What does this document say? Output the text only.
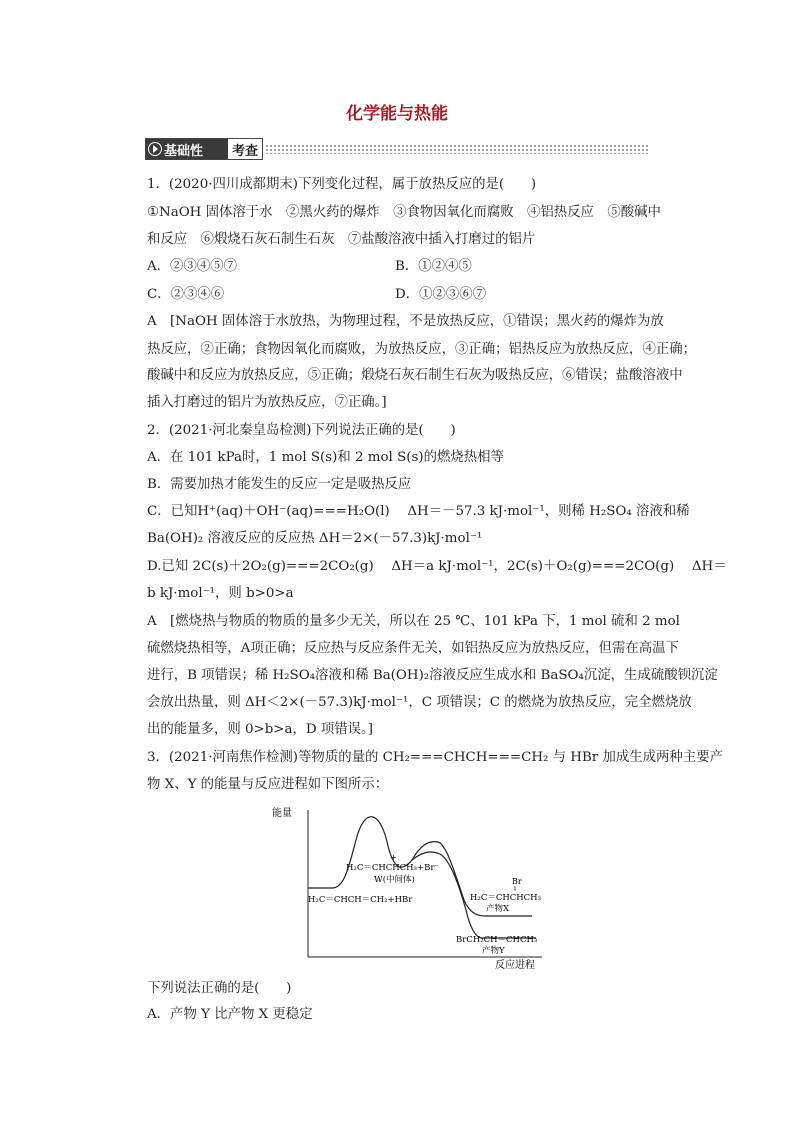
化学能与热能
基础性	考查
1．(2020·四川成都期末)下列变化过程，属于放热反应的是(　　)
①NaOH 固体溶于水　②黑火药的爆炸　③食物因氧化而腐败　④铝热反应　⑤酸碱中
和反应　⑥煅烧石灰石制生石灰　⑦盐酸溶液中插入打磨过的铝片
A．②③④⑤⑦	B．①②④⑤
C．②③④⑥	D．①②③⑥⑦
A　[NaOH 固体溶于水放热，为物理过程，不是放热反应，①错误；黑火药的爆炸为放
热反应，②正确；食物因氧化而腐败，为放热反应，③正确；铝热反应为放热反应，④正确；
酸碱中和反应为放热反应，⑤正确；煅烧石灰石制生石灰为吸热反应，⑥错误；盐酸溶液中
插入打磨过的铝片为放热反应，⑦正确。]
2．(2021·河北秦皇岛检测)下列说法正确的是(　　)
A．在 101 kPa时，1 mol S(s)和 2 mol S(s)的燃烧热相等
B．需要加热才能发生的反应一定是吸热反应
C．已知H⁺(aq)＋OH⁻(aq)===H₂O(l)　 ΔH＝－57.3 kJ·mol⁻¹，则稀 H₂SO₄ 溶液和稀
Ba(OH)₂ 溶液反应的反应热 ΔH＝2×(－57.3)kJ·mol⁻¹
D.已知 2C(s)＋2O₂(g)===2CO₂(g)　 ΔH＝a kJ·mol⁻¹，2C(s)＋O₂(g)===2CO(g)　 ΔH＝
b kJ·mol⁻¹，则 b>0>a
A　[燃烧热与物质的物质的量多少无关，所以在 25 ℃、101 kPa 下，1 mol 硫和 2 mol
硫燃烧热相等，A项正确；反应热与反应条件无关，如铝热反应为放热反应，但需在高温下
进行，B 项错误；稀 H₂SO₄溶液和稀 Ba(OH)₂溶液反应生成水和 BaSO₄沉淀，生成硫酸钡沉淀
会放出热量，则 ΔH＜2×(－57.3)kJ·mol⁻¹，C 项错误；C 的燃烧为放热反应，完全燃烧放
出的能量多，则 0>b>a，D 项错误。]
3．(2021·河南焦作检测)等物质的量的 CH₂===CHCH===CH₂ 与 HBr 加成生成两种主要产
物 X、Y 的能量与反应进程如下图所示：
能量
反应进程
H₂C＝CHCH＝CH₂+HBr
+
H₂C＝CHCHCH₃+Br⁻
W(中间体)	Br
H₂C＝CHCHCH₃
产物X
BrCH₂CH＝CHCH₃
产物Y
下列说法正确的是(　　)
A．产物 Y 比产物 X 更稳定
